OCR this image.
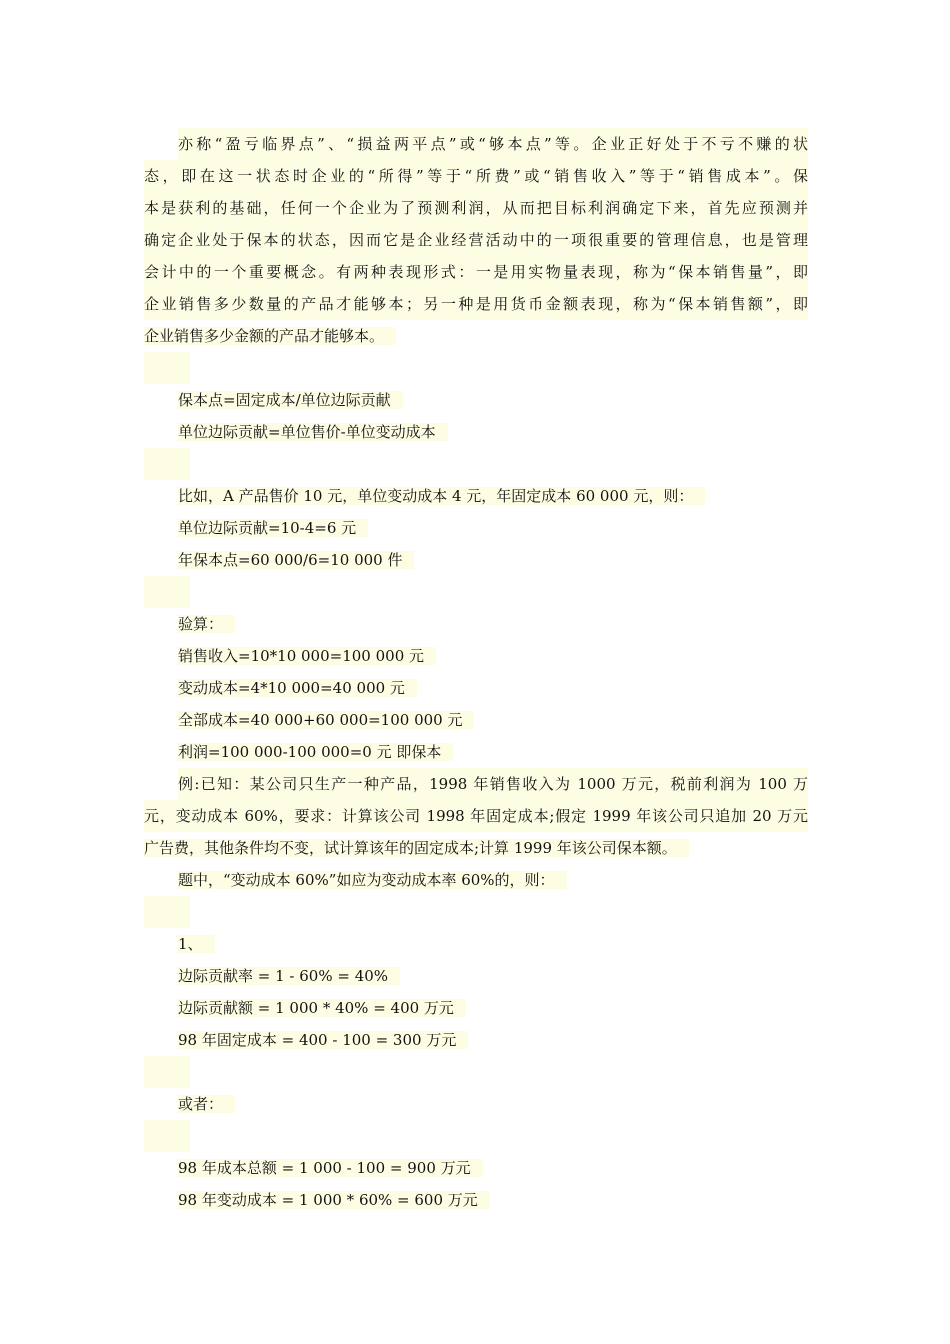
亦称“盈亏临界点”、“损益两平点”或“够本点”等。企业正好处于不亏不赚的状
态，即在这一状态时企业的“所得”等于“所费”或“销售收入”等于“销售成本”。保
本是获利的基础，任何一个企业为了预测利润，从而把目标利润确定下来，首先应预测并
确定企业处于保本的状态，因而它是企业经营活动中的一项很重要的管理信息，也是管理
会计中的一个重要概念。有两种表现形式：一是用实物量表现，称为“保本销售量”，即
企业销售多少数量的产品才能够本；另一种是用货币金额表现，称为“保本销售额”，即
企业销售多少金额的产品才能够本。
保本点=固定成本/单位边际贡献
单位边际贡献=单位售价-单位变动成本
比如，A 产品售价 10 元，单位变动成本 4 元，年固定成本 60 000 元，则：
单位边际贡献=10-4=6 元
年保本点=60 000/6=10 000 件
验算：
销售收入=10*10 000=100 000 元
变动成本=4*10 000=40 000 元
全部成本=40 000+60 000=100 000 元
利润=100 000-100 000=0 元 即保本
例:已知：某公司只生产一种产品，1998 年销售收入为 1000 万元，税前利润为 100 万
元，变动成本 60%，要求：计算该公司 1998 年固定成本;假定 1999 年该公司只追加 20 万元
广告费，其他条件均不变，试计算该年的固定成本;计算 1999 年该公司保本额。
题中，“变动成本 60%”如应为变动成本率 60%的，则：
1、
边际贡献率 = 1 - 60% = 40%
边际贡献额 = 1 000 * 40% = 400 万元
98 年固定成本 = 400 - 100 = 300 万元
或者：
98 年成本总额 = 1 000 - 100 = 900 万元
98 年变动成本 = 1 000 * 60% = 600 万元
